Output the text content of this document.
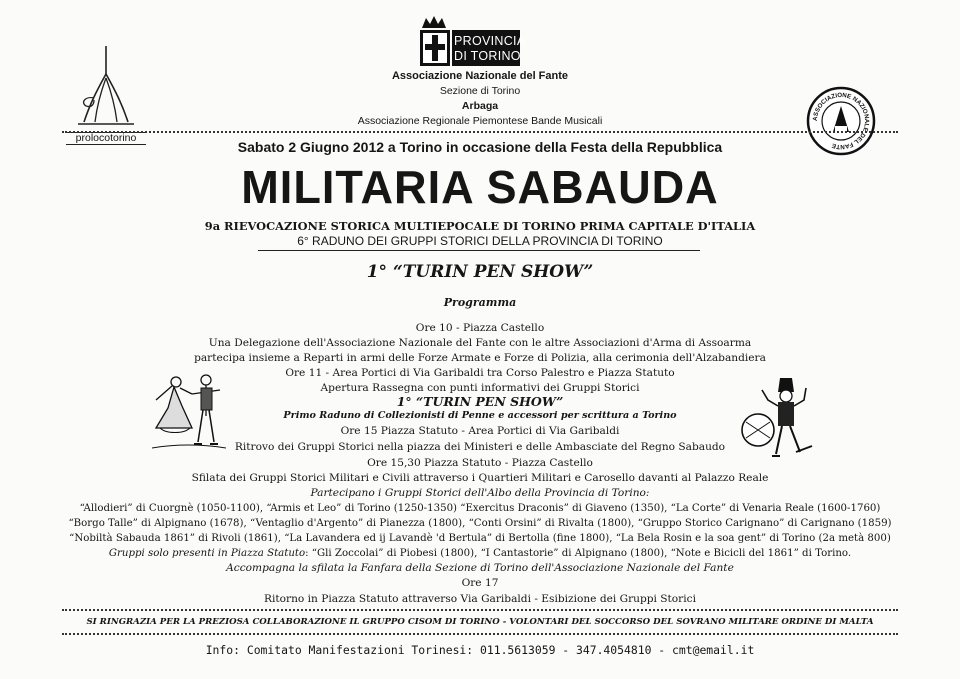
PROVINCIA
DI TORINO
prolocotorino
ASSOCIAZIONE NAZIONALE DEL FANTE
Associazione Nazionale del Fante
Sezione di Torino
Arbaga
Associazione Regionale Piemontese Bande Musicali
Sabato 2 Giugno 2012 a Torino in occasione della Festa della Repubblica
MILITARIA SABAUDA
9a RIEVOCAZIONE STORICA MULTIEPOCALE DI TORINO PRIMA CAPITALE D'ITALIA
6° RADUNO DEI GRUPPI STORICI DELLA PROVINCIA DI TORINO
1° “TURIN PEN SHOW”
Programma
Ore 10 - Piazza Castello
Una Delegazione dell'Associazione Nazionale del Fante con le altre Associazioni d'Arma di Assoarma
partecipa insieme a Reparti in armi delle Forze Armate e Forze di Polizia, alla cerimonia dell'Alzabandiera
Ore 11 - Area Portici di Via Garibaldi tra Corso Palestro e Piazza Statuto
Apertura Rassegna con punti informativi dei Gruppi Storici
1° “TURIN PEN SHOW”
Primo Raduno di Collezionisti di Penne e accessori per scrittura a Torino
Ore 15 Piazza Statuto - Area Portici di Via Garibaldi
Ritrovo dei Gruppi Storici nella piazza dei Ministeri e delle Ambasciate del Regno Sabaudo
Ore 15,30 Piazza Statuto - Piazza Castello
Sfilata dei Gruppi Storici Militari e Civili attraverso i Quartieri Militari e Carosello davanti al Palazzo Reale
Partecipano i Gruppi Storici dell'Albo della Provincia di Torino:
“Allodieri” di Cuorgnè (1050-1100), “Armis et Leo” di Torino (1250-1350) “Exercitus Draconis” di Giaveno (1350), “La Corte” di Venaria Reale (1600-1760)
“Borgo Talle” di Alpignano (1678), “Ventaglio d'Argento” di Pianezza (1800), “Conti Orsini” di Rivalta (1800), “Gruppo Storico Carignano” di Carignano (1859)
“Nobiltà Sabauda 1861” di Rivoli (1861), “La Lavandera ed ij Lavandè 'd Bertula” di Bertolla (fine 1800), “La Bela Rosin e la soa gent” di Torino (2a metà 800)
Gruppi solo presenti in Piazza Statuto: “Gli Zoccolai” di Piobesi (1800), “I Cantastorie” di Alpignano (1800), “Note e Bicicli del 1861” di Torino.
Accompagna la sfilata la Fanfara della Sezione di Torino dell'Associazione Nazionale del Fante
Ore 17
Ritorno in Piazza Statuto attraverso Via Garibaldi - Esibizione dei Gruppi Storici
SI RINGRAZIA PER LA PREZIOSA COLLABORAZIONE IL GRUPPO CISOM DI TORINO - VOLONTARI DEL SOCCORSO DEL SOVRANO MILITARE ORDINE DI MALTA
Info: Comitato Manifestazioni Torinesi: 011.5613059 - 347.4054810 - cmt@email.it
